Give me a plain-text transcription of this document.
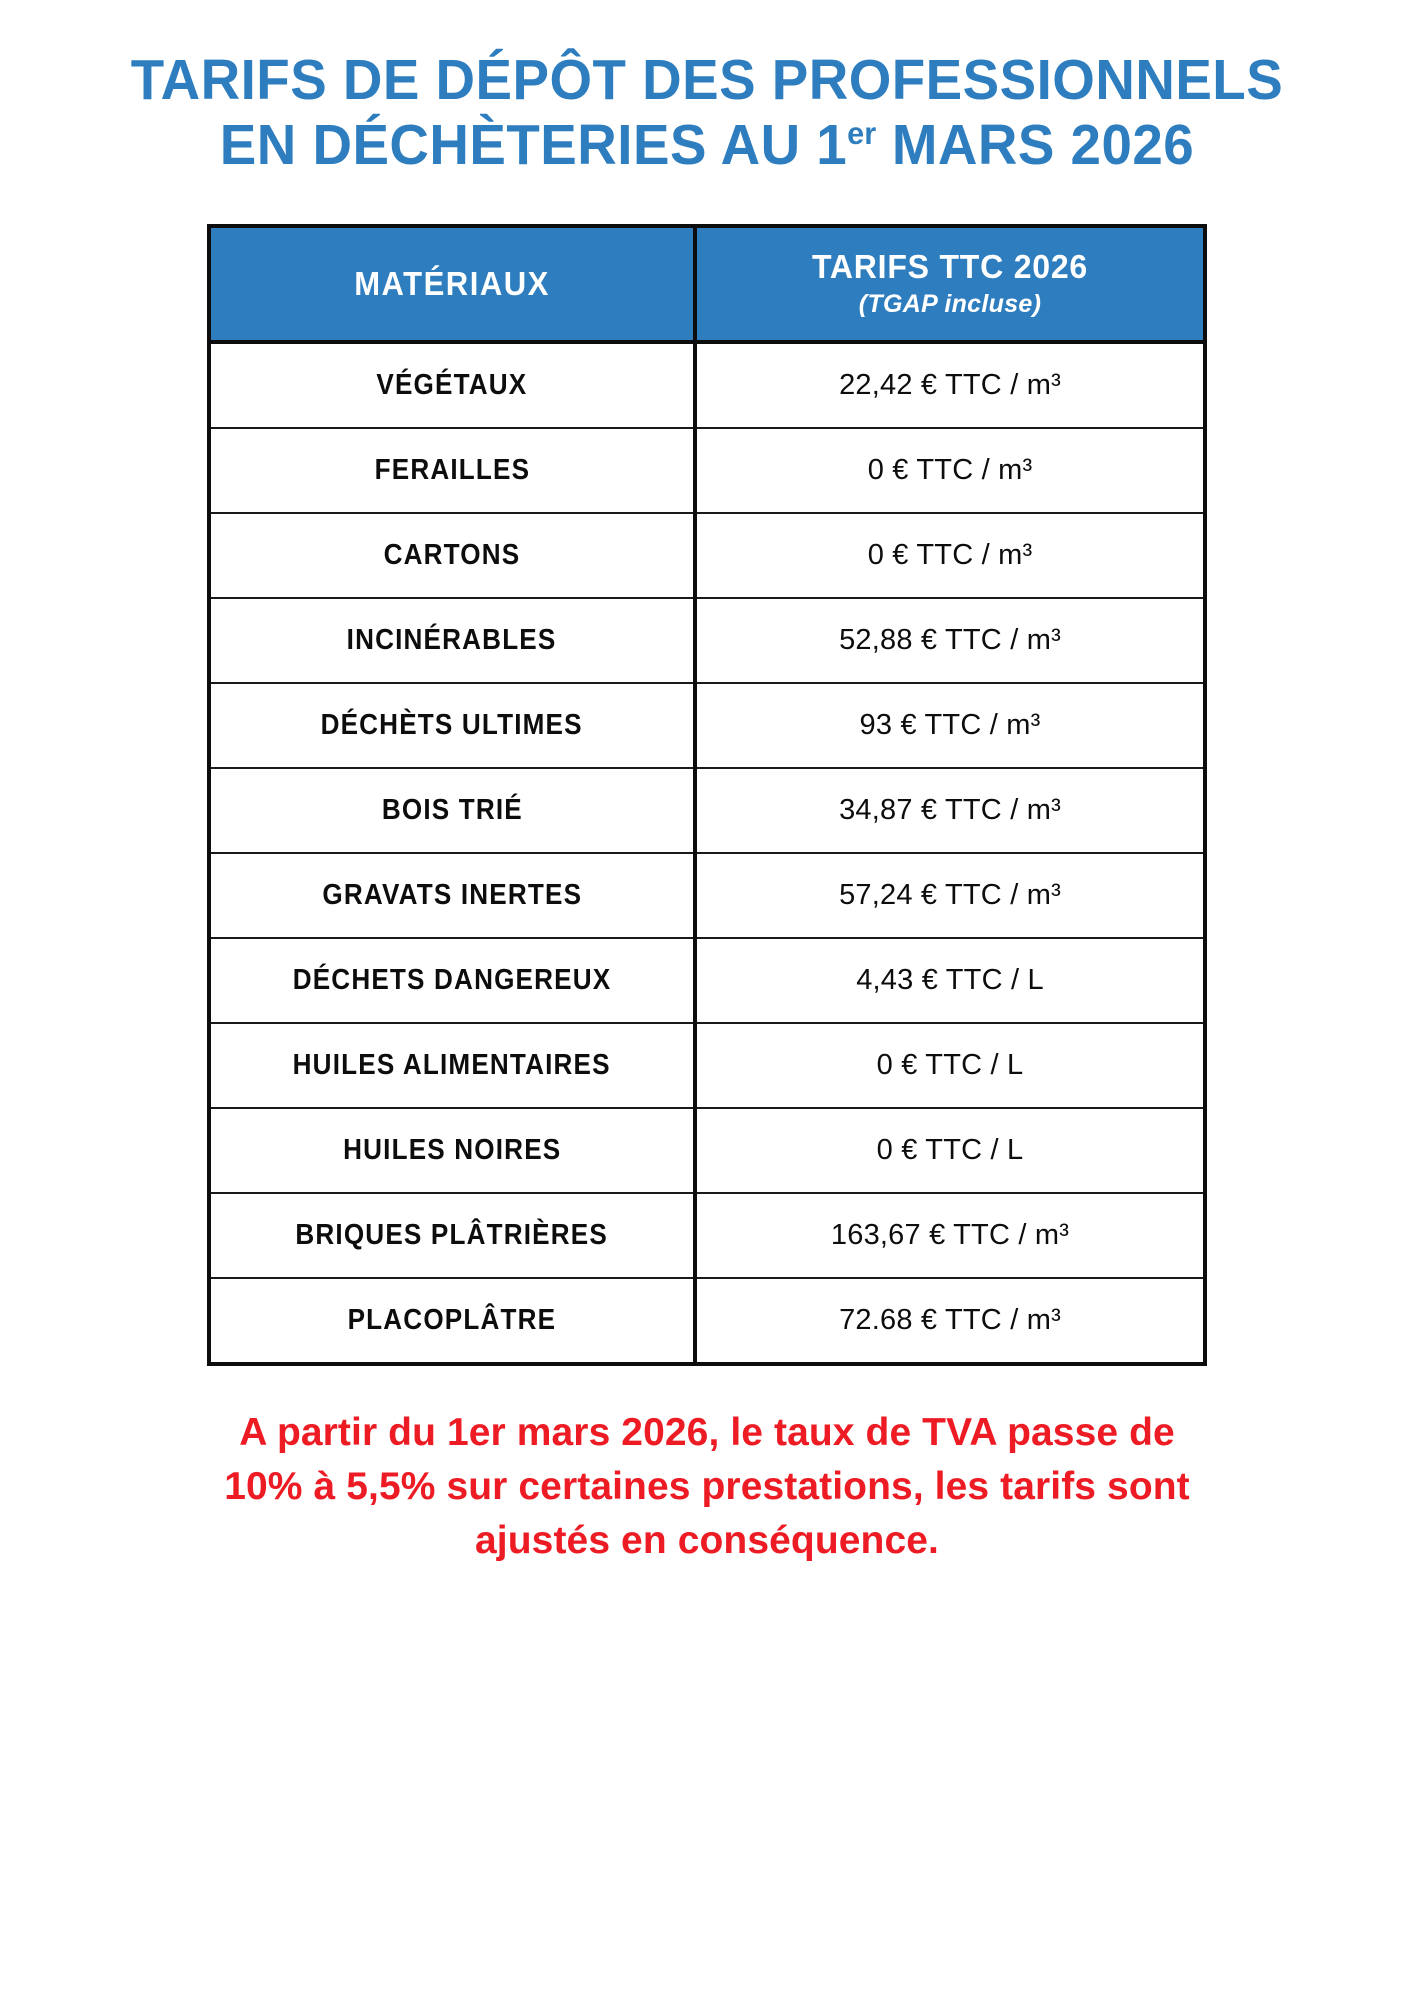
TARIFS DE DÉPÔT DES PROFESSIONNELS
EN DÉCHÈTERIES AU 1er MARS 2026
MATÉRIAUX	TARIFS TTC 2026
(TGAP incluse)

VÉGÉTAUX	22,42 € TTC / m³
FERAILLES	0 € TTC / m³
CARTONS	0 € TTC / m³
INCINÉRABLES	52,88 € TTC / m³
DÉCHÈTS ULTIMES	93 € TTC / m³
BOIS TRIÉ	34,87 € TTC / m³
GRAVATS INERTES	57,24 € TTC / m³
DÉCHETS DANGEREUX	4,43 € TTC / L
HUILES ALIMENTAIRES	0 € TTC / L
HUILES NOIRES	0 € TTC / L
BRIQUES PLÂTRIÈRES	163,67 € TTC / m³
PLACOPLÂTRE	72.68 € TTC / m³
A partir du 1er mars 2026, le taux de TVA passe de
10% à 5,5% sur certaines prestations, les tarifs sont
ajustés en conséquence.
